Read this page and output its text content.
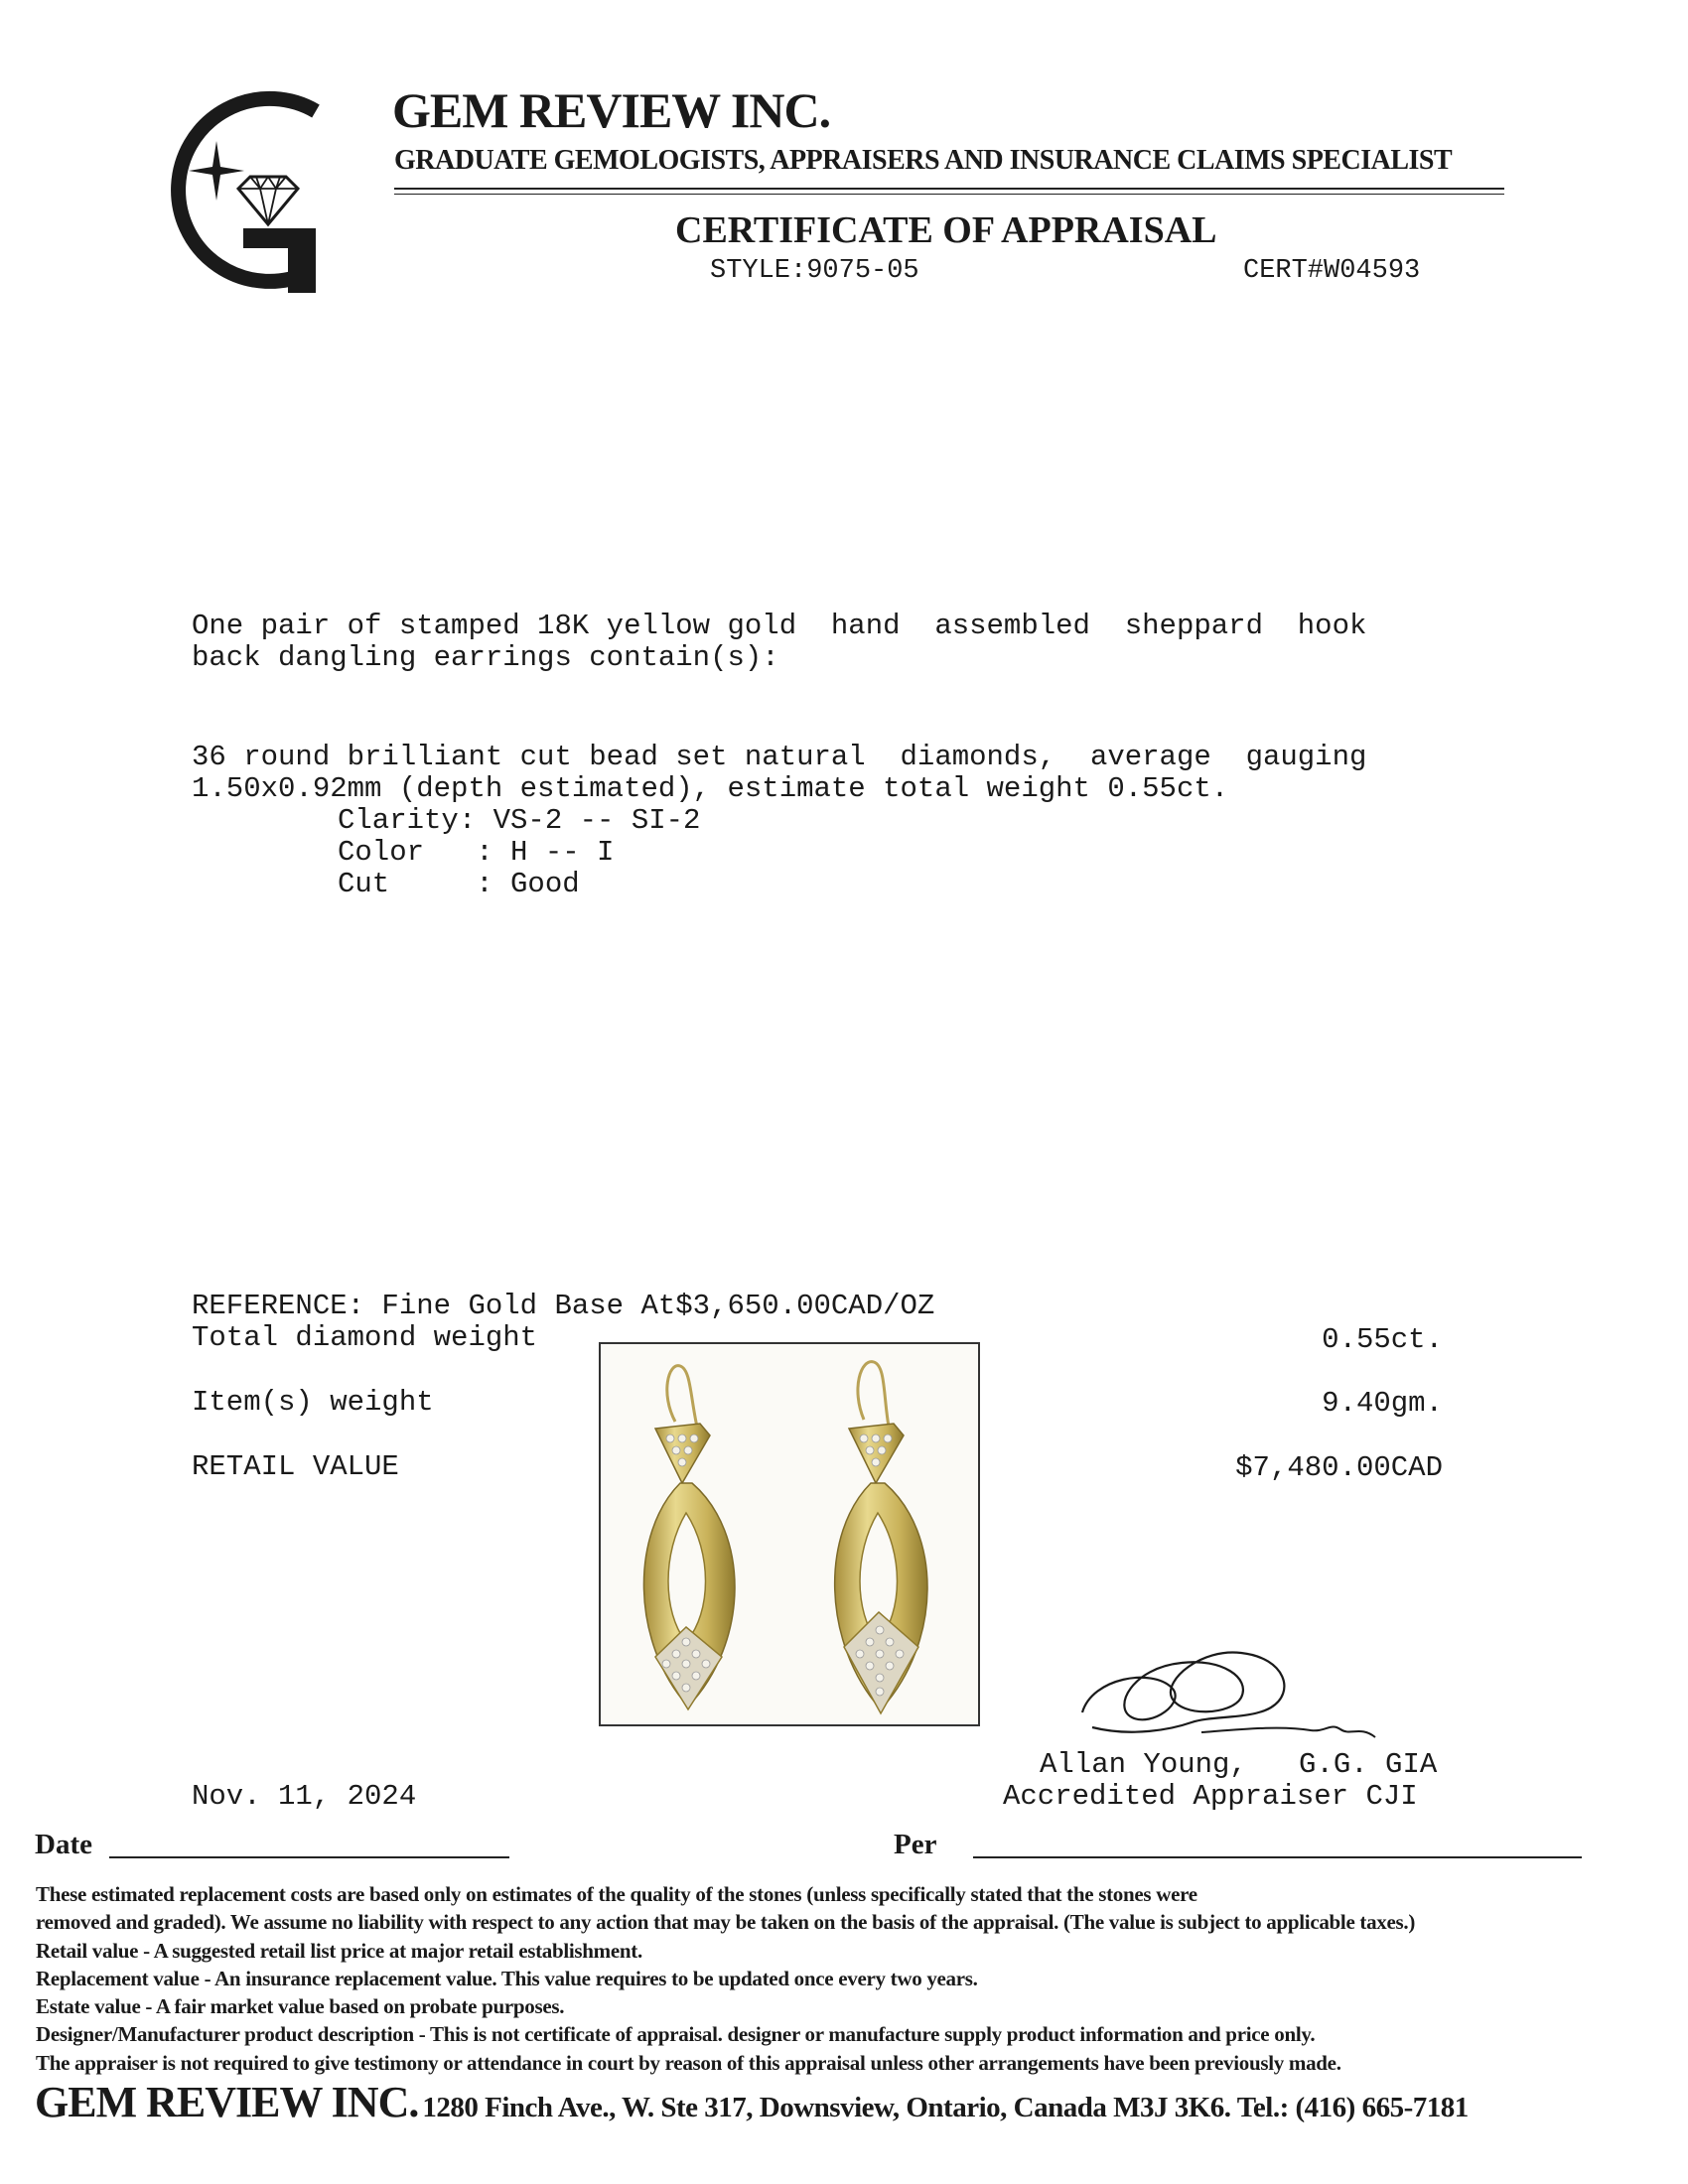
GEM REVIEW INC.
GRADUATE GEMOLOGISTS, APPRAISERS AND INSURANCE CLAIMS SPECIALIST
CERTIFICATE OF APPRAISAL
STYLE:9075-05	CERT#W04593
One pair of stamped 18K yellow gold  hand  assembled  sheppard  hook
back dangling earrings contain(s):
36 round brilliant cut bead set natural  diamonds,  average  gauging
1.50x0.92mm (depth estimated), estimate total weight 0.55ct.
Clarity: VS-2 -- SI-2
Color   : H -- I
Cut     : Good
REFERENCE: Fine Gold Base At$3,650.00CAD/OZ
Total diamond weight	0.55ct.
Item(s) weight	9.40gm.
RETAIL VALUE	$7,480.00CAD
Allan Young,   G.G. GIA
Accredited Appraiser CJI
Nov. 11, 2024
Date	Per
These estimated replacement costs are based only on estimates of the quality of the stones (unless specifically stated that the stones were
removed and graded). We assume no liability with respect to any action that may be taken on the basis of the appraisal. (The value is subject to applicable taxes.)
Retail value - A suggested retail list price at major retail establishment.
Replacement value - An insurance replacement value. This value requires to be updated once every two years.
Estate value - A fair market value based on probate purposes.
Designer/Manufacturer product description - This is not certificate of appraisal. designer or manufacture supply product information and price only.
The appraiser is not required to give testimony or attendance in court by reason of this appraisal unless other arrangements have been previously made.
GEM REVIEW INC. 1280 Finch Ave., W. Ste 317, Downsview, Ontario, Canada M3J 3K6. Tel.: (416) 665-7181
